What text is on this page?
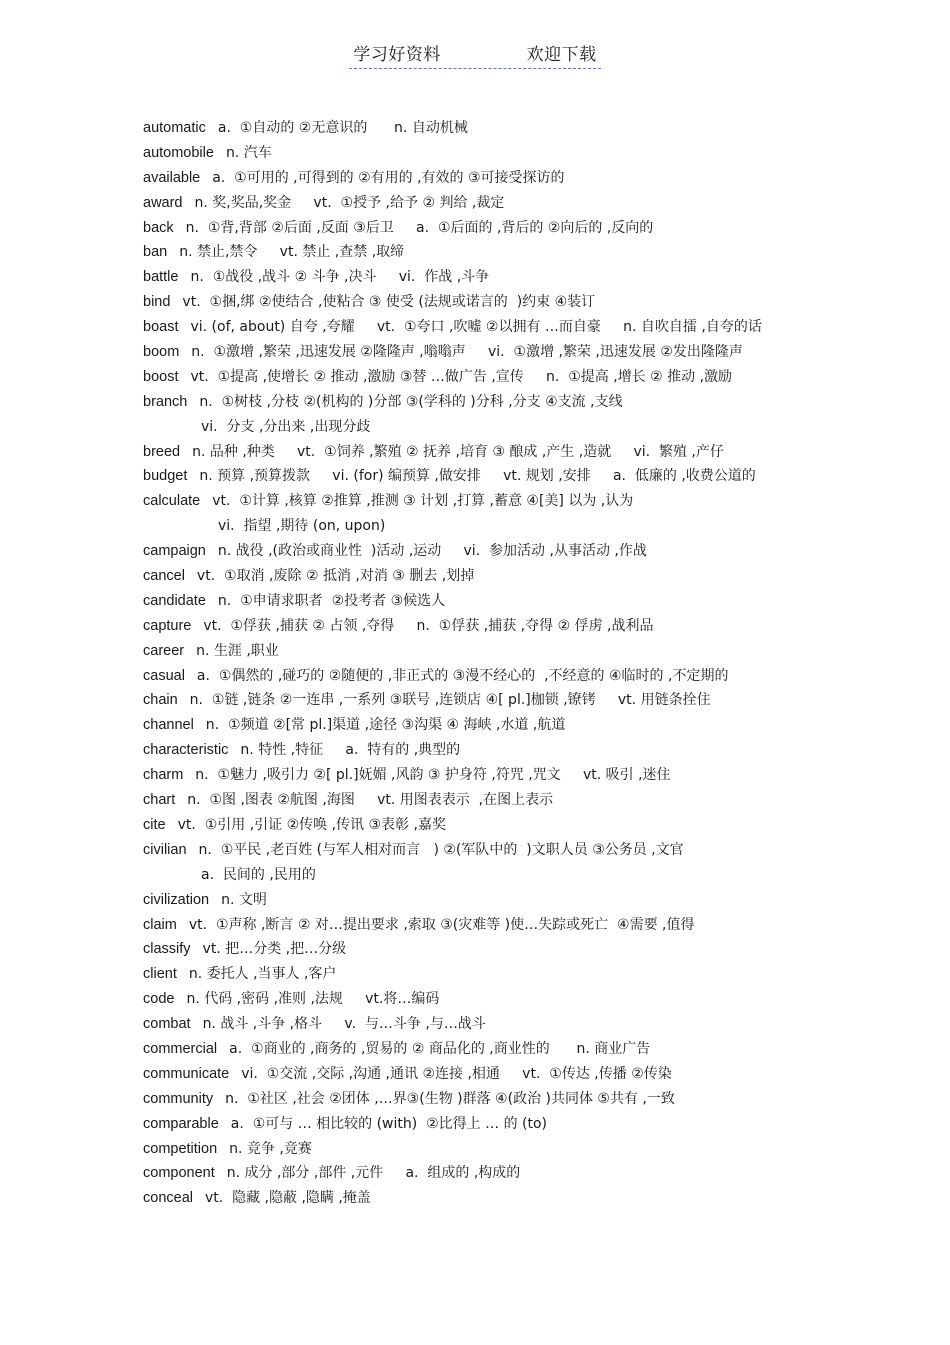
学习好资料	欢迎下载
automatic a.  ①自动的 ②无意识的      n. 自动机械
automobile n. 汽车
available a.  ①可用的 ,可得到的 ②有用的 ,有效的 ③可接受探访的
award n. 奖,奖品,奖金     vt.  ①授予 ,给予 ② 判给 ,裁定
back n.  ①背,背部 ②后面 ,反面 ③后卫     a.  ①后面的 ,背后的 ②向后的 ,反向的
ban n. 禁止,禁令     vt. 禁止 ,查禁 ,取缔
battle n.  ①战役 ,战斗 ② 斗争 ,决斗     vi.  作战 ,斗争
bind vt.  ①捆,绑 ②使结合 ,使粘合 ③ 使受 (法规或诺言的  )约束 ④装订
boast vi. (of, about) 自夸 ,夸耀     vt.  ①夸口 ,吹嘘 ②以拥有 …而自豪     n. 自吹自擂 ,自夸的话
boom n.  ①激增 ,繁荣 ,迅速发展 ②隆隆声 ,嗡嗡声     vi.  ①激增 ,繁荣 ,迅速发展 ②发出隆隆声
boost vt.  ①提高 ,使增长 ② 推动 ,激励 ③替 …做广告 ,宣传     n.  ①提高 ,增长 ② 推动 ,激励
branch n.  ①树枝 ,分枝 ②(机构的 )分部 ③(学科的 )分科 ,分支 ④支流 ,支线
vi.  分支 ,分出来 ,出现分歧
breed n. 品种 ,种类     vt.  ①饲养 ,繁殖 ② 抚养 ,培育 ③ 酿成 ,产生 ,造就     vi.  繁殖 ,产仔
budget n. 预算 ,预算拨款     vi. (for) 编预算 ,做安排     vt. 规划 ,安排     a.  低廉的 ,收费公道的
calculate vt.  ①计算 ,核算 ②推算 ,推测 ③ 计划 ,打算 ,蓄意 ④[美] 以为 ,认为
vi.  指望 ,期待 (on, upon)
campaign n. 战役 ,(政治或商业性  )活动 ,运动     vi.  参加活动 ,从事活动 ,作战
cancel vt.  ①取消 ,废除 ② 抵消 ,对消 ③ 删去 ,划掉
candidate n.  ①申请求职者  ②投考者 ③候选人
capture vt.  ①俘获 ,捕获 ② 占领 ,夺得     n.  ①俘获 ,捕获 ,夺得 ② 俘虏 ,战利品
career n. 生涯 ,职业
casual a.  ①偶然的 ,碰巧的 ②随便的 ,非正式的 ③漫不经心的  ,不经意的 ④临时的 ,不定期的
chain n.  ①链 ,链条 ②一连串 ,一系列 ③联号 ,连锁店 ④[ pl.]枷锁 ,镣铐     vt. 用链条拴住
channel n.  ①频道 ②[常 pl.]渠道 ,途径 ③沟渠 ④ 海峡 ,水道 ,航道
characteristic n. 特性 ,特征     a.  特有的 ,典型的
charm n.  ①魅力 ,吸引力 ②[ pl.]妩媚 ,风韵 ③ 护身符 ,符咒 ,咒文     vt. 吸引 ,迷住
chart n.  ①图 ,图表 ②航图 ,海图     vt. 用图表表示  ,在图上表示
cite vt.  ①引用 ,引证 ②传唤 ,传讯 ③表彰 ,嘉奖
civilian n.  ①平民 ,老百姓 (与军人相对而言   ) ②(军队中的  )文职人员 ③公务员 ,文官
a.  民间的 ,民用的
civilization n. 文明
claim vt.  ①声称 ,断言 ② 对…提出要求 ,索取 ③(灾难等 )使…失踪或死亡  ④需要 ,值得
classify vt. 把…分类 ,把…分级
client n. 委托人 ,当事人 ,客户
code n. 代码 ,密码 ,准则 ,法规     vt.将…编码
combat n. 战斗 ,斗争 ,格斗     v.  与…斗争 ,与…战斗
commercial a.  ①商业的 ,商务的 ,贸易的 ② 商品化的 ,商业性的      n. 商业广告
communicate vi.  ①交流 ,交际 ,沟通 ,通讯 ②连接 ,相通     vt.  ①传达 ,传播 ②传染
community n.  ①社区 ,社会 ②团体 ,…界③(生物 )群落 ④(政治 )共同体 ⑤共有 ,一致
comparable a.  ①可与 … 相比较的 (with)  ②比得上 … 的 (to)
competition n. 竞争 ,竞赛
component n. 成分 ,部分 ,部件 ,元件     a.  组成的 ,构成的
conceal vt.  隐藏 ,隐蔽 ,隐瞒 ,掩盖
